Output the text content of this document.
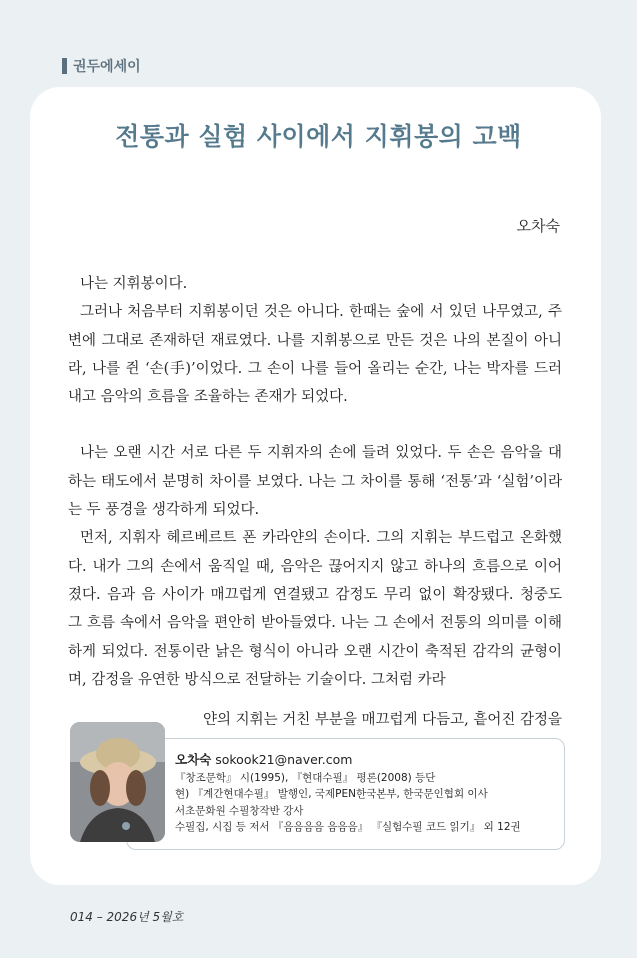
권두에세이
전통과 실험 사이에서 지휘봉의 고백
오차숙

나는 지휘봉이다.

그러나 처음부터 지휘봉이던 것은 아니다. 한때는 숲에 서 있던 나무였고, 주변에 그대로 존재하던 재료였다. 나를 지휘봉으로 만든 것은 나의 본질이 아니라, 나를 쥔 ‘손(手)’이었다. 그 손이 나를 들어 올리는 순간, 나는 박자를 드러내고 음악의 흐름을 조율하는 존재가 되었다.

나는 오랜 시간 서로 다른 두 지휘자의 손에 들려 있었다. 두 손은 음악을 대하는 태도에서 분명히 차이를 보였다. 나는 그 차이를 통해 ‘전통’과 ‘실험’이라는 두 풍경을 생각하게 되었다.

먼저, 지휘자 헤르베르트 폰 카라얀의 손이다. 그의 지휘는 부드럽고 온화했다. 내가 그의 손에서 움직일 때, 음악은 끊어지지 않고 하나의 흐름으로 이어졌다. 음과 음 사이가 매끄럽게 연결됐고 감정도 무리 없이 확장됐다. 청중도 그 흐름 속에서 음악을 편안히 받아들였다. 나는 그 손에서 전통의 의미를 이해하게 되었다. 전통이란 낡은 형식이 아니라 오랜 시간이 축적된 감각의 균형이며, 감정을 유연한 방식으로 전달하는 기술이다. 그처럼 카라

얀의 지휘는 거친 부분을 매끄럽게 다듬고, 흩어진 감정을
오차숙 sokook21@naver.com
『창조문학』 시(1995), 『현대수필』 평론(2008) 등단
현) 『계간현대수필』 발행인, 국제PEN한국본부, 한국문인협회 이사
서초문화원 수필창작반 강사
수필집, 시집 등 저서 『음음음음 음음음』 『실험수필 코드 읽기』 외 12권
014 – 2026년 5월호
